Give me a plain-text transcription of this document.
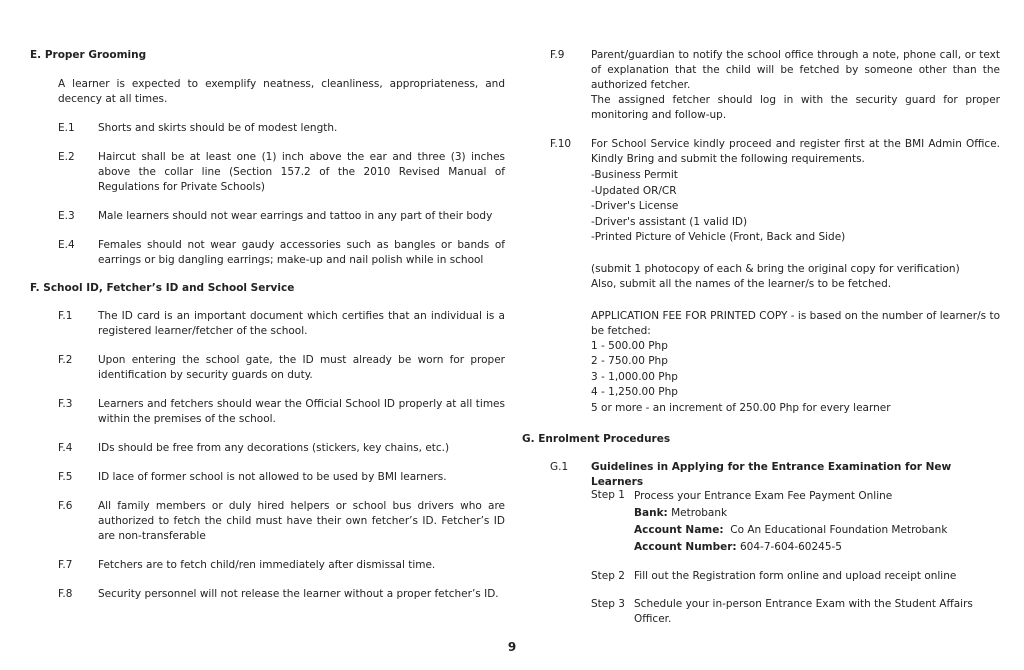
E. Proper Grooming
A learner is expected to exemplify neatness, cleanliness, appropriateness, and decency at all times.
E.1 Shorts and skirts should be of modest length.
E.2 Haircut shall be at least one (1) inch above the ear and three (3) inches above the collar line (Section 157.2 of the 2010 Revised Manual of Regulations for Private Schools)
E.3 Male learners should not wear earrings and tattoo in any part of their body
E.4 Females should not wear gaudy accessories such as bangles or bands of earrings or big dangling earrings; make-up and nail polish while in school
F. School ID, Fetcher’s ID and School Service
F.1 The ID card is an important document which certifies that an individual is a registered learner/fetcher of the school.
F.2 Upon entering the school gate, the ID must already be worn for proper identification by security guards on duty.
F.3 Learners and fetchers should wear the Official School ID properly at all times within the premises of the school.
F.4 IDs should be free from any decorations (stickers, key chains, etc.)
F.5 ID lace of former school is not allowed to be used by BMI learners.
F.6 All family members or duly hired helpers or school bus drivers who are authorized to fetch the child must have their own fetcher’s ID. Fetcher’s ID are non-transferable
F.7 Fetchers are to fetch child/ren immediately after dismissal time.
F.8 Security personnel will not release the learner without a proper fetcher’s ID.
F.9	Parent/guardian to notify the school office through a note, phone call, or text of explanation that the child will be fetched by someone other than the authorized fetcher.
The assigned fetcher should log in with the security guard for proper monitoring and follow-up.
F.10 For School Service kindly proceed and register first at the BMI Admin Office. Kindly Bring and submit the following requirements.
-Business Permit
-Updated OR/CR
-Driver's License
-Driver's assistant (1 valid ID)
-Printed Picture of Vehicle (Front, Back and Side)
(submit 1 photocopy of each & bring the original copy for verification)
Also, submit all the names of the learner/s to be fetched.
APPLICATION FEE FOR PRINTED COPY - is based on the number of learner/s to be fetched:
1 - 500.00 Php
2 - 750.00 Php
3 - 1,000.00 Php
4 - 1,250.00 Php
5 or more - an increment of 250.00 Php for every learner
G. Enrolment Procedures
G.1 Guidelines in Applying for the Entrance Examination for New Learners
Step 1 Process your Entrance Exam Fee Payment Online
Bank: Metrobank
Account Name: Co An Educational Foundation Metrobank
Account Number: 604-7-604-60245-5
Step 2 Fill out the Registration form online and upload receipt online
Step 3 Schedule your in-person Entrance Exam with the Student Affairs Officer.
9
